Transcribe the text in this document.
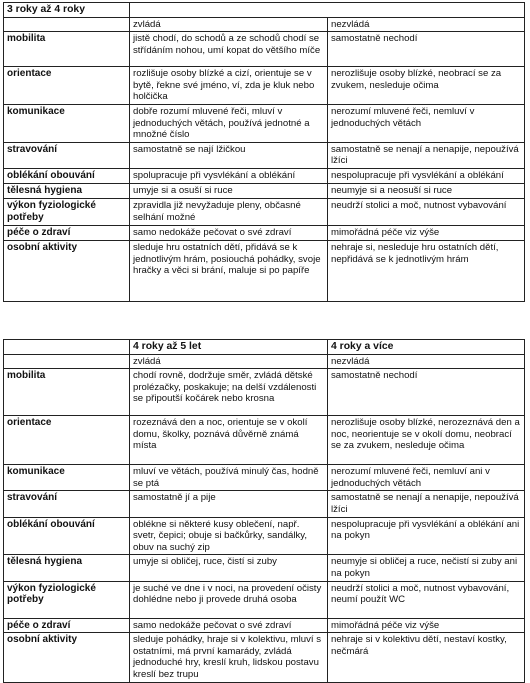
3 roky až 4 roky		
	zvládá	nezvládá
mobilita	jistě chodí, do schodů a ze schodů chodí se střídáním nohou, umí kopat do většího míče	samostatně nechodí
orientace	rozlišuje osoby blízké a cizí, orientuje se v bytě, řekne své jméno, ví, zda je kluk nebo holčička	nerozlišuje osoby blízké, neobrací se za zvukem, nesleduje očima
komunikace	dobře rozumí mluvené řeči, mluví v jednoduchých větách, používá jednotné a množné číslo	nerozumí mluvené řeči, nemluví v jednoduchých větách
stravování	samostatně se nají lžičkou	samostatně se nenají a nenapije, nepoužívá lžíci
oblékání obouvání	spolupracuje při vysvlékání a oblékání	nespolupracuje při vysvlékání a oblékání
tělesná hygiena	umyje si a osuší si ruce	neumyje si a neosuší si ruce
výkon fyziologické potřeby	zpravidla již nevyžaduje pleny, občasné selhání možné	neudrží stolici a moč, nutnost vybavování
péče o zdraví	samo nedokáže pečovat o své zdraví	mimořádná péče viz výše
osobní aktivity	sleduje hru ostatních dětí, přidává se k jednotlivým hrám, posiouchá pohádky, svoje hračky a věci si brání, maluje si po papíře	nehraje si, nesleduje hru ostatních dětí, nepřidává se k jednotlivým hrám
	4 roky až 5 let	4 roky a více
	zvládá	nezvládá
mobilita	chodí rovně, dodržuje směr, zvládá dětské prolézačky, poskakuje; na delší vzdálenosti se připoutší kočárek nebo krosna	samostatně nechodí
orientace	rozeznává den a noc, orientuje se v okolí domu, školky, poznává důvěrně známá místa	nerozlišuje osoby blízké, nerozeznává den a noc, neorientuje se v okolí domu, neobrací se za zvukem, nesleduje očima
komunikace	mluví ve větách, používá minulý čas, hodně se ptá	nerozumí mluvené řeči, nemluví ani v jednoduchých větách
stravování	samostatně jí a pije	samostatně se nenají a nenapije, nepoužívá lžíci
oblékání obouvání	obléknе si některé kusy oblečení, např. svetr, čepici; obuje si bačkůrky, sandálky, obuv na suchý zip	nespolupracuje při vysvlékání a oblékání ani na pokyn
tělesná hygiena	umyje si obličej, ruce, čistí si zuby	neumyje si obličej a ruce, nečistí si zuby ani na pokyn
výkon fyziologické potřeby	je suché ve dne i v noci, na provedení očisty dohlédne nebo ji provede druhá osoba	neudrží stolici a moč, nutnost vybavování, neumí použít WC
péče o zdraví	samo nedokáže pečovat o své zdraví	mimořádná péče viz výše
osobní aktivity	sleduje pohádky, hraje si v kolektivu, mluví s ostatními, má první kamarády, zvládá jednoduché hry, kreslí kruh, lidskou postavu kreslí bez trupu	nehraje si v kolektivu dětí, nestaví kostky, nečmárá
